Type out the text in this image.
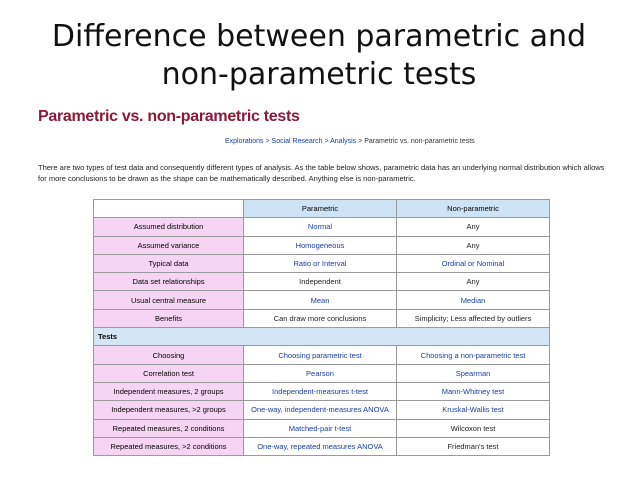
Difference between parametric and
non-parametric tests
Parametric vs. non-parametric tests
Explorations > Social Research > Analysis > Parametric vs. non-parametric tests
There are two types of test data and consequently different types of analysis. As the table below shows, parametric data has an underlying normal distribution which allows for more conclusions to be drawn as the shape can be mathematically described. Anything else is non-parametric.
	Parametric	Non-parametric
Assumed distribution	Normal	Any
Assumed variance	Homogeneous	Any
Typical data	Ratio or Interval	Ordinal or Nominal
Data set relationships	Independent	Any
Usual central measure	Mean	Median
Benefits	Can draw more conclusions	Simplicity; Less affected by outliers
Tests		
Choosing	Choosing parametric test	Choosing a non-parametric test
Correlation test	Pearson	Spearman
Independent measures, 2 groups	Independent-measures t-test	Mann-Whitney test
Independent measures, >2 groups	One-way, independent-measures ANOVA	Kruskal-Wallis test
Repeated measures, 2 conditions	Matched-pair t-test	Wilcoxon test
Repeated measures, >2 conditions	One-way, repeated measures ANOVA	Friedman's test
